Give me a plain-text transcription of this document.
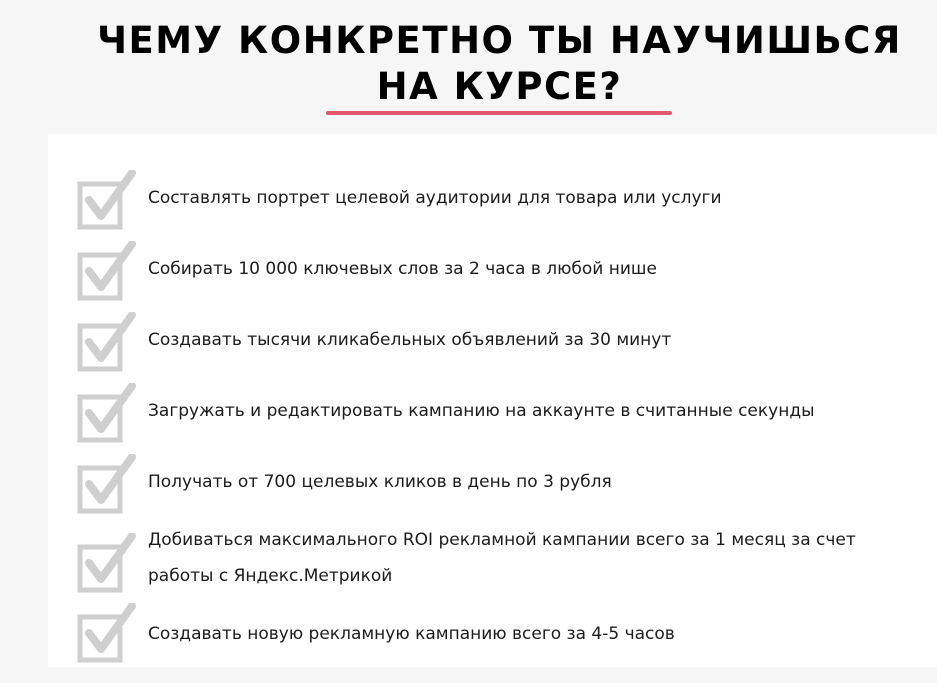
ЧЕМУ КОНКРЕТНО ТЫ НАУЧИШЬСЯ НА КУРСЕ?

Составлять портрет целевой аудитории для товара или услуги

Собирать 10 000 ключевых слов за 2 часа в любой нише

Создавать тысячи кликабельных объявлений за 30 минут

Загружать и редактировать кампанию на аккаунте в считанные секунды

Получать от 700 целевых кликов в день по 3 рубля

Добиваться максимального ROI рекламной кампании всего за 1 месяц за счет работы с Яндекс.Метрикой

Создавать новую рекламную кампанию всего за 4-5 часов
